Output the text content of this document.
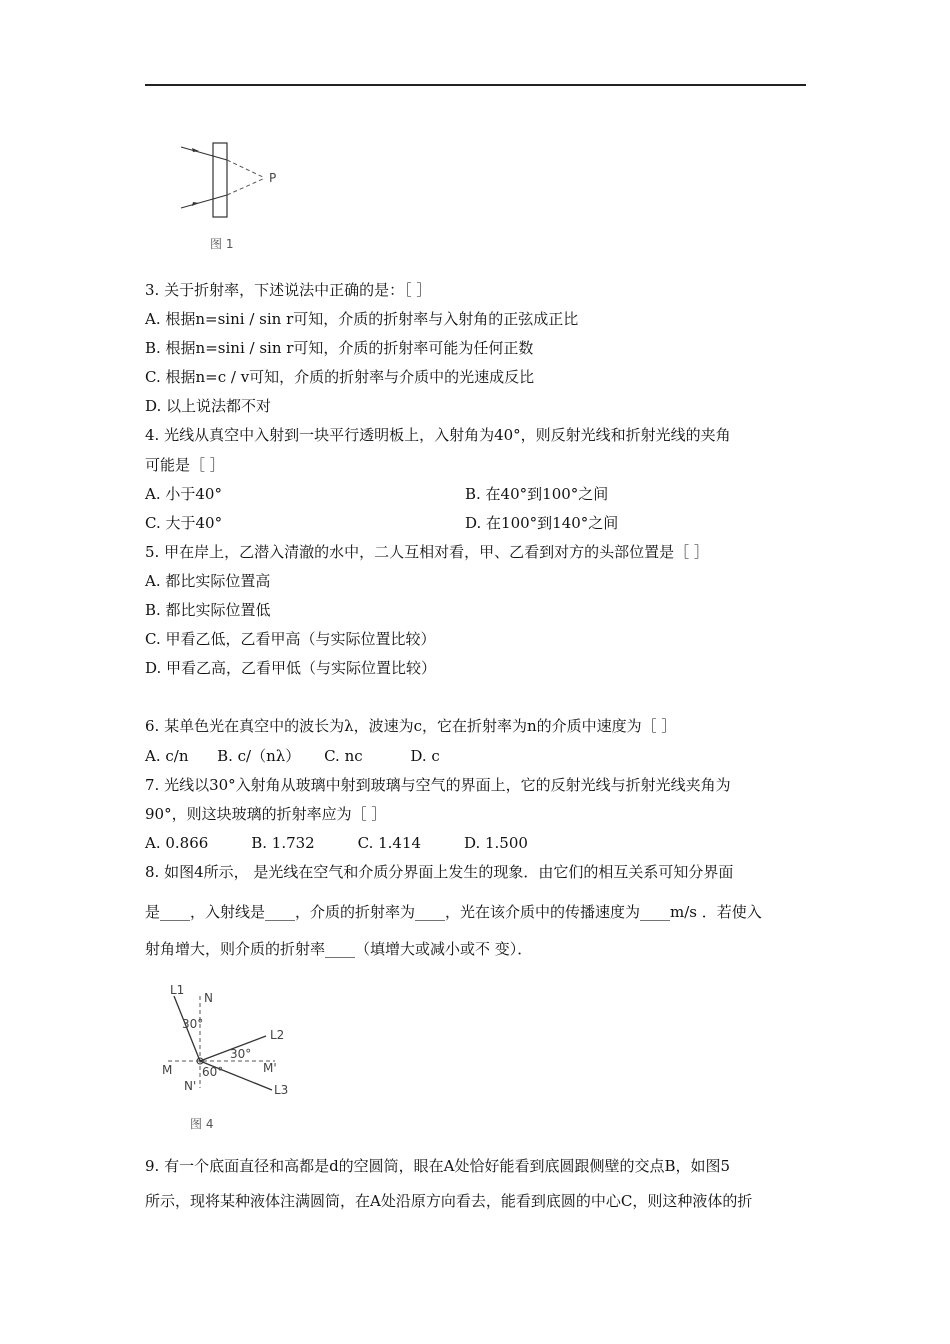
P
图 1
3. 关于折射率，下述说法中正确的是：［ ］
A. 根据n=sini / sin r可知，介质的折射率与入射角的正弦成正比
B. 根据n=sini / sin r可知，介质的折射率可能为任何正数
C. 根据n=c / v可知，介质的折射率与介质中的光速成反比
D. 以上说法都不对
4. 光线从真空中入射到一块平行透明板上，入射角为40°，则反射光线和折射光线的夹角
可能是［ ］
A. 小于40°	B. 在40°到100°之间
C. 大于40°	D. 在100°到140°之间
5. 甲在岸上，乙潜入清澈的水中，二人互相对看，甲、乙看到对方的头部位置是［ ］
A. 都比实际位置高
B. 都比实际位置低
C. 甲看乙低，乙看甲高（与实际位置比较）
D. 甲看乙高，乙看甲低（与实际位置比较）
6. 某单色光在真空中的波长为λ，波速为c，它在折射率为n的介质中速度为［ ］
A. c/n      B. c/（nλ）     C. nc          D. c
7. 光线以30°入射角从玻璃中射到玻璃与空气的界面上，它的反射光线与折射光线夹角为
90°，则这块玻璃的折射率应为［ ］
A. 0.866         B. 1.732         C. 1.414         D. 1.500
8. 如图4所示， 是光线在空气和介质分界面上发生的现象．由它们的相互关系可知分界面
是____，入射线是____，介质的折射率为____，光在该介质中的传播速度为____m/s ．若使入
射角增大，则介质的折射率____（填增大或减小或不 变）．
L1
N
30°
L2
30°
M	M'
60°
N'	L3
图 4
9. 有一个底面直径和高都是d的空圆筒，眼在A处恰好能看到底圆跟侧壁的交点B，如图5
所示，现将某种液体注满圆筒，在A处沿原方向看去，能看到底圆的中心C，则这种液体的折
